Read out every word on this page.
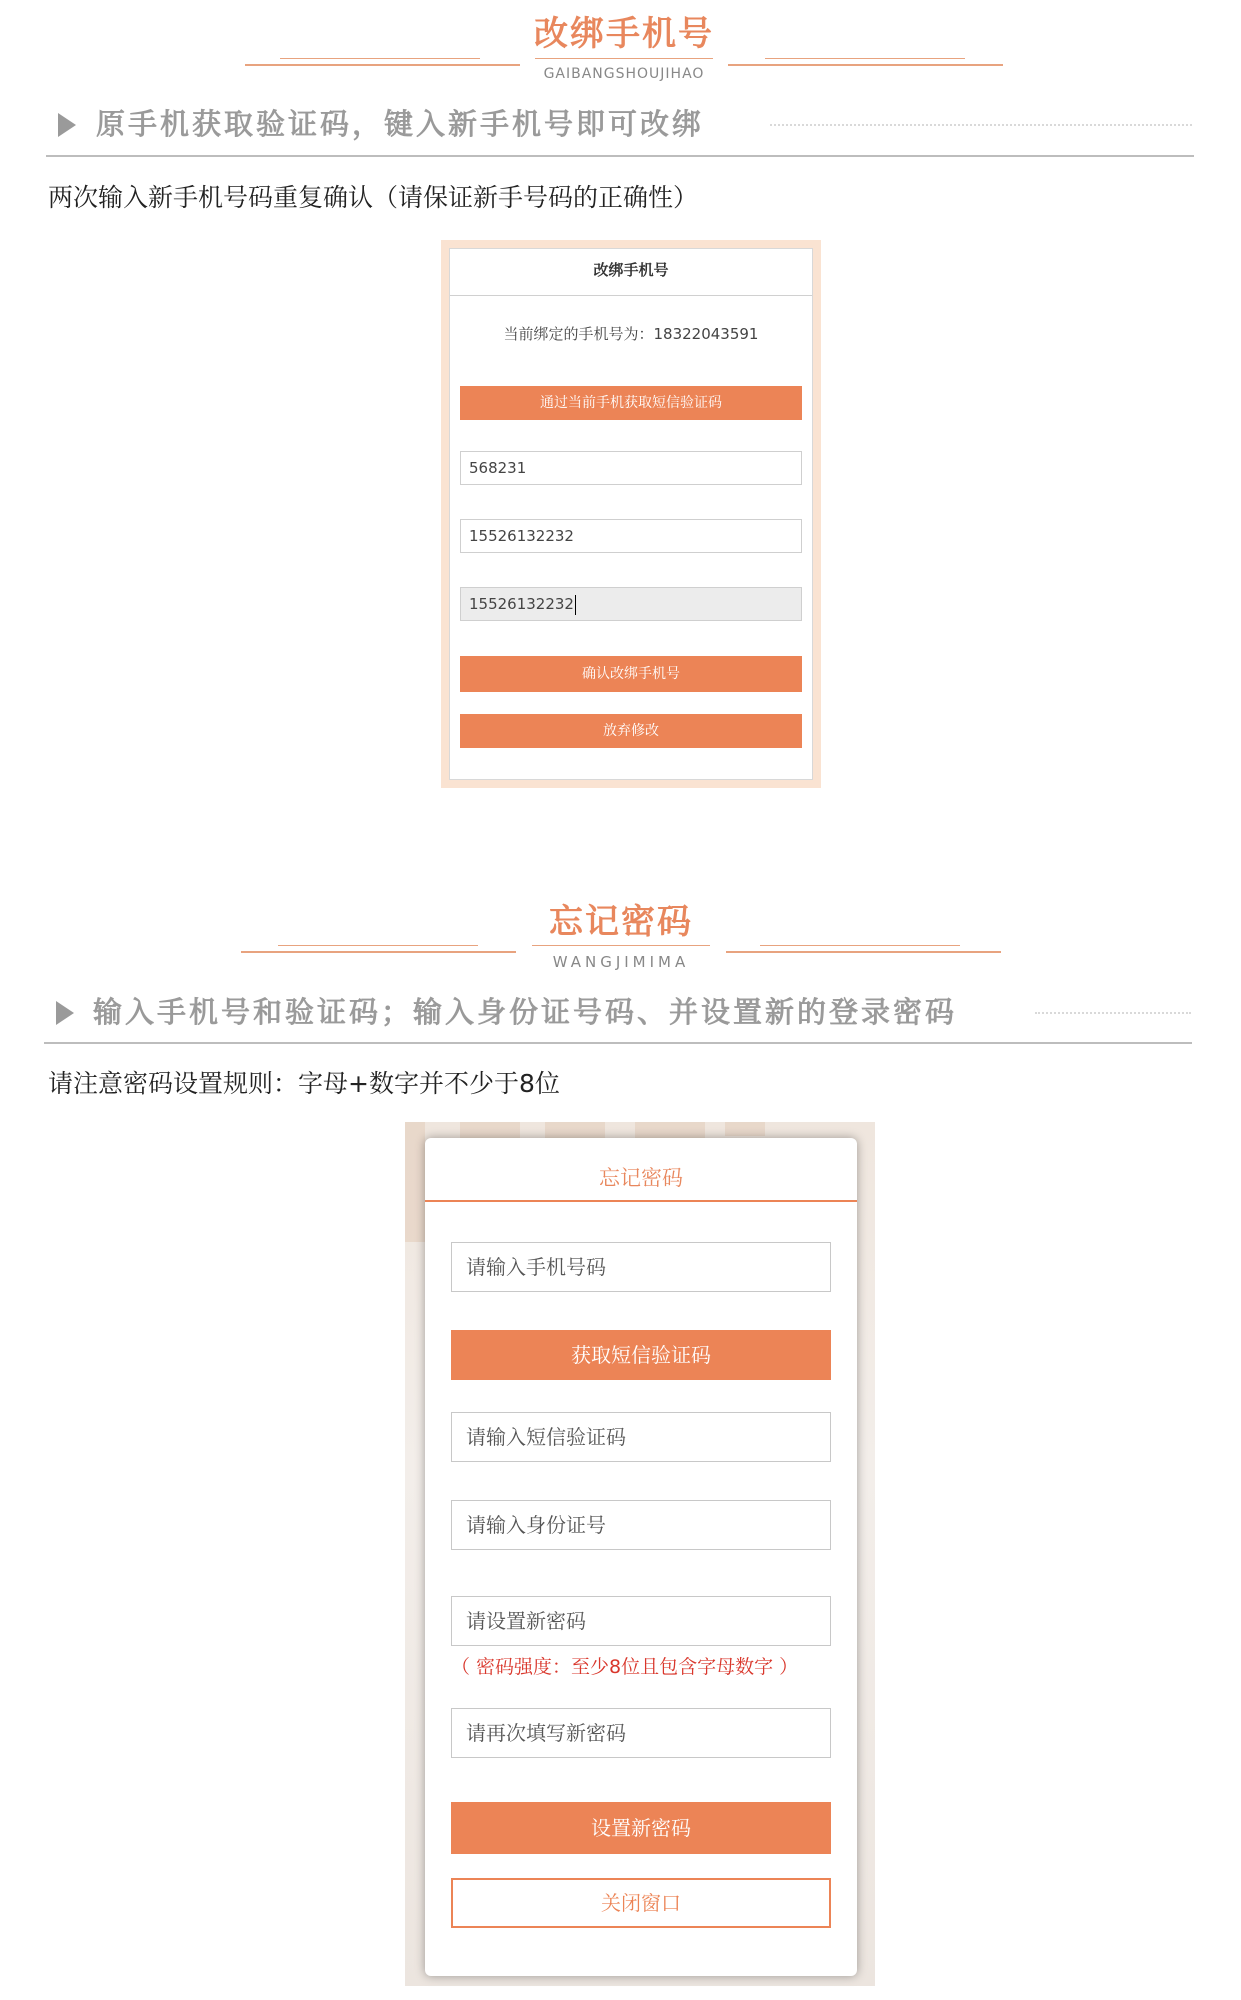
改绑手机号
GAIBANGSHOUJIHAO
原手机获取验证码，键入新手机号即可改绑
两次输入新手机号码重复确认（请保证新手号码的正确性）
改绑手机号
当前绑定的手机号为：18322043591
通过当前手机获取短信验证码
568231
15526132232
15526132232
确认改绑手机号
放弃修改
忘记密码
WANGJIMIMA
输入手机号和验证码；输入身份证号码、并设置新的登录密码
请注意密码设置规则：字母+数字并不少于8位
忘记密码
请输入手机号码
获取短信验证码
请输入短信验证码
请输入身份证号
请设置新密码
（ 密码强度：至少8位且包含字母数字 ）
请再次填写新密码
设置新密码
关闭窗口
